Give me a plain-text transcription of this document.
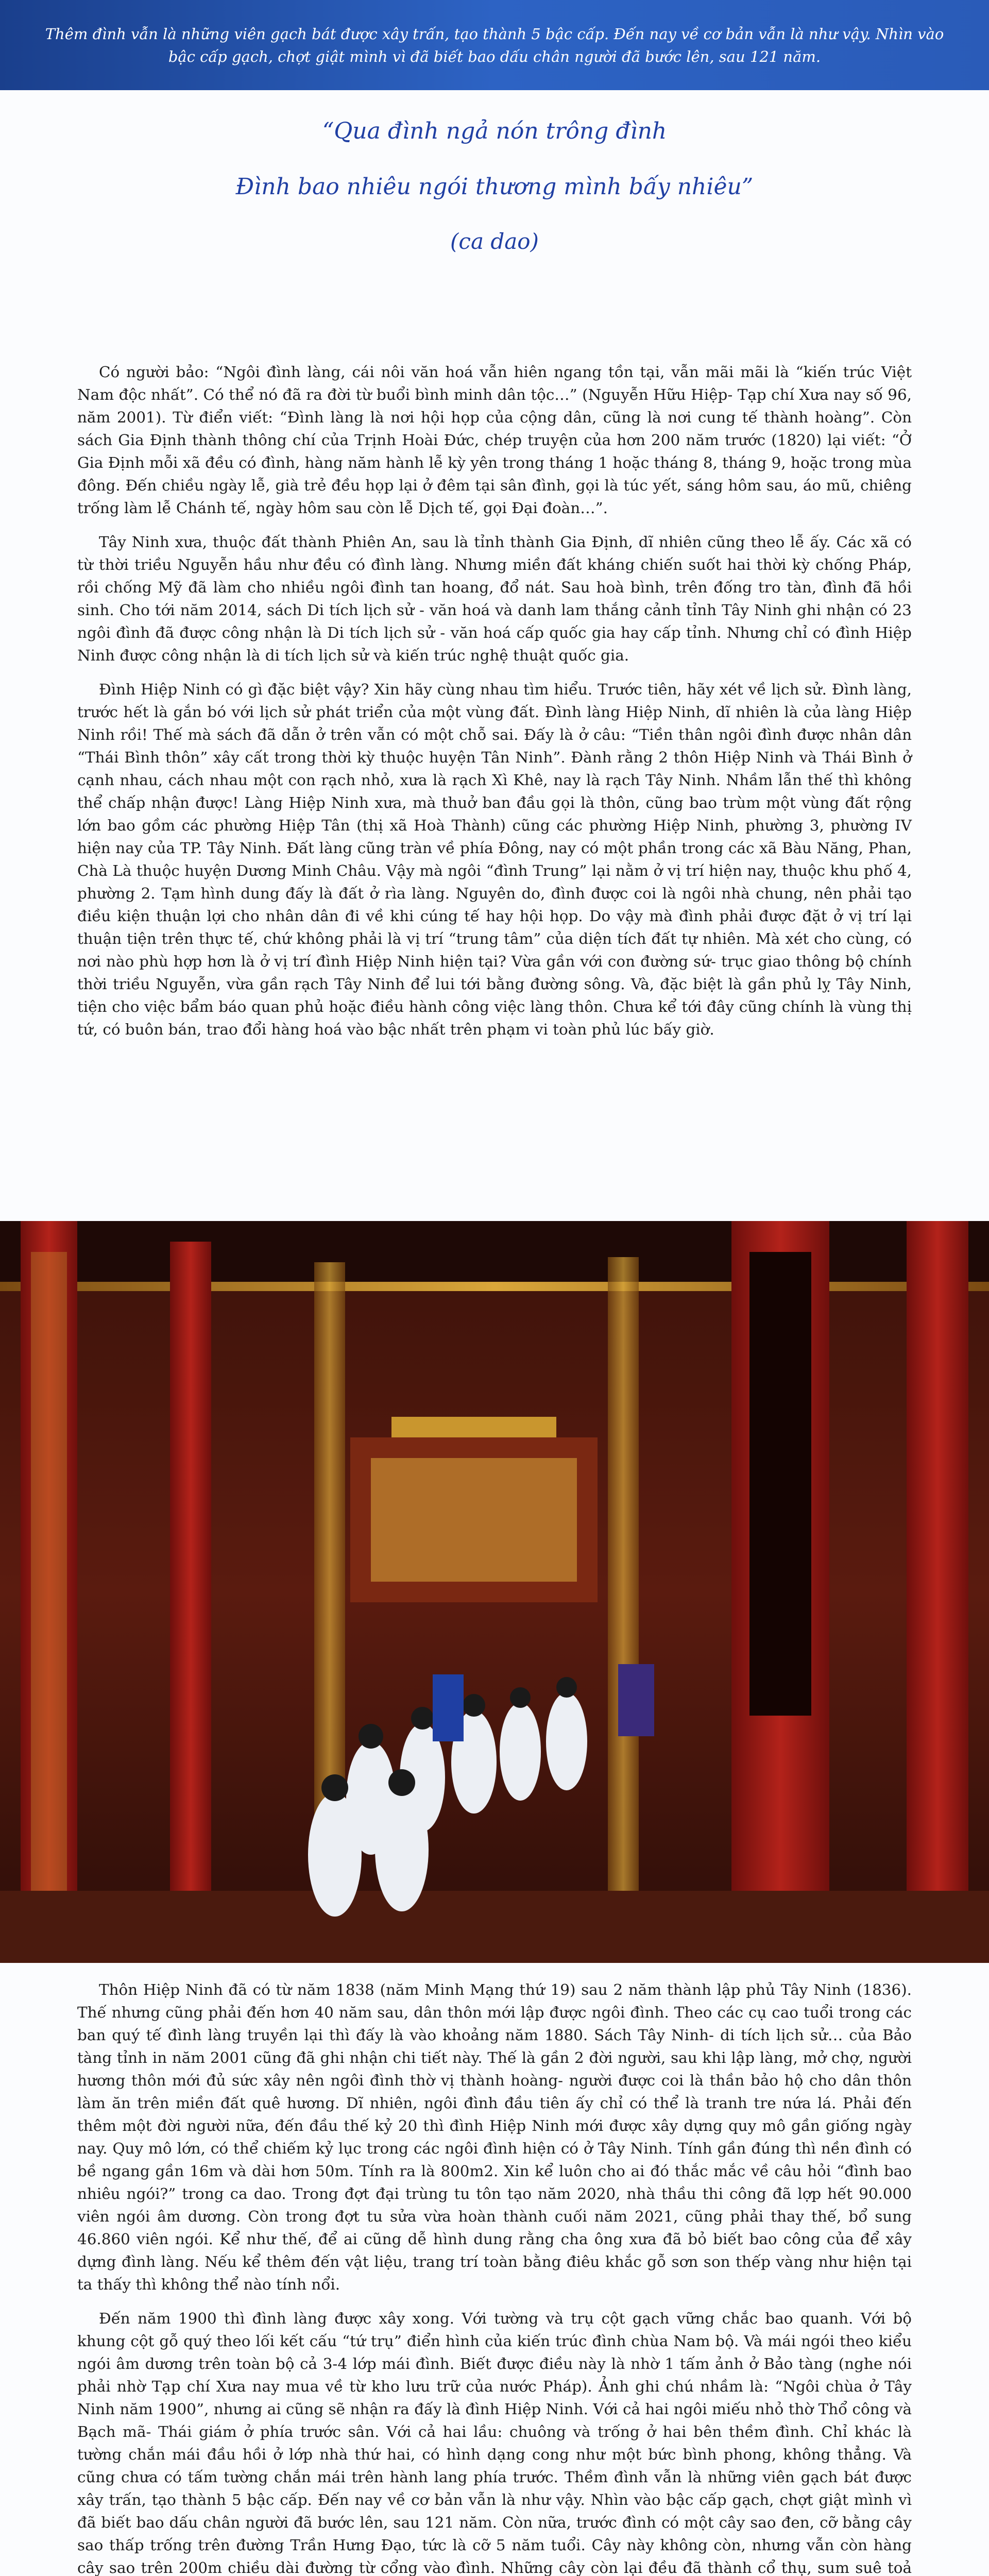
Thêm đình vẫn là những viên gạch bát được xây trấn, tạo thành 5 bậc cấp. Đến nay về cơ bản vẫn là như vậy. Nhìn vào bậc cấp gạch, chợt giật mình vì đã biết bao dấu chân người đã bước lên, sau 121 năm.

“Qua đình ngả nón trông đình
Đình bao nhiêu ngói thương mình bấy nhiêu”
(ca dao)

Có người bảo: “Ngôi đình làng, cái nôi văn hoá vẫn hiên ngang tồn tại, vẫn mãi mãi là “kiến trúc Việt Nam độc nhất”. Có thể nó đã ra đời từ buổi bình minh dân tộc…” (Nguyễn Hữu Hiệp- Tạp chí Xưa nay số 96, năm 2001). Từ điển viết: “Đình làng là nơi hội họp của cộng dân, cũng là nơi cung tế thành hoàng”. Còn sách Gia Định thành thông chí của Trịnh Hoài Đức, chép truyện của hơn 200 năm trước (1820) lại viết: “Ở Gia Định mỗi xã đều có đình, hàng năm hành lễ kỳ yên trong tháng 1 hoặc tháng 8, tháng 9, hoặc trong mùa đông. Đến chiều ngày lễ, già trẻ đều họp lại ở đêm tại sân đình, gọi là túc yết, sáng hôm sau, áo mũ, chiêng trống làm lễ Chánh tế, ngày hôm sau còn lễ Dịch tế, gọi Đại đoàn…”.

Tây Ninh xưa, thuộc đất thành Phiên An, sau là tỉnh thành Gia Định, dĩ nhiên cũng theo lễ ấy. Các xã có từ thời triều Nguyễn hầu như đều có đình làng. Nhưng miền đất kháng chiến suốt hai thời kỳ chống Pháp, rồi chống Mỹ đã làm cho nhiều ngôi đình tan hoang, đổ nát. Sau hoà bình, trên đống tro tàn, đình đã hồi sinh. Cho tới năm 2014, sách Di tích lịch sử - văn hoá và danh lam thắng cảnh tỉnh Tây Ninh ghi nhận có 23 ngôi đình đã được công nhận là Di tích lịch sử - văn hoá cấp quốc gia hay cấp tỉnh. Nhưng chỉ có đình Hiệp Ninh được công nhận là di tích lịch sử và kiến trúc nghệ thuật quốc gia.

Đình Hiệp Ninh có gì đặc biệt vậy? Xin hãy cùng nhau tìm hiểu. Trước tiên, hãy xét về lịch sử. Đình làng, trước hết là gắn bó với lịch sử phát triển của một vùng đất. Đình làng Hiệp Ninh, dĩ nhiên là của làng Hiệp Ninh rồi! Thế mà sách đã dẫn ở trên vẫn có một chỗ sai. Đấy là ở câu: “Tiền thân ngôi đình được nhân dân “Thái Bình thôn” xây cất trong thời kỳ thuộc huyện Tân Ninh”. Đành rằng 2 thôn Hiệp Ninh và Thái Bình ở cạnh nhau, cách nhau một con rạch nhỏ, xưa là rạch Xì Khê, nay là rạch Tây Ninh. Nhầm lẫn thế thì không thể chấp nhận được! Làng Hiệp Ninh xưa, mà thuở ban đầu gọi là thôn, cũng bao trùm một vùng đất rộng lớn bao gồm các phường Hiệp Tân (thị xã Hoà Thành) cũng các phường Hiệp Ninh, phường 3, phường IV hiện nay của TP. Tây Ninh. Đất làng cũng tràn về phía Đông, nay có một phần trong các xã Bàu Năng, Phan, Chà Là thuộc huyện Dương Minh Châu. Vậy mà ngôi “đình Trung” lại nằm ở vị trí hiện nay, thuộc khu phố 4, phường 2. Tạm hình dung đấy là đất ở rìa làng. Nguyên do, đình được coi là ngôi nhà chung, nên phải tạo điều kiện thuận lợi cho nhân dân đi về khi cúng tế hay hội họp. Do vậy mà đình phải được đặt ở vị trí lại thuận tiện trên thực tế, chứ không phải là vị trí “trung tâm” của diện tích đất tự nhiên. Mà xét cho cùng, có nơi nào phù hợp hơn là ở vị trí đình Hiệp Ninh hiện tại? Vừa gần với con đường sứ- trục giao thông bộ chính thời triều Nguyễn, vừa gần rạch Tây Ninh để lui tới bằng đường sông. Và, đặc biệt là gần phủ lỵ Tây Ninh, tiện cho việc bẩm báo quan phủ hoặc điều hành công việc làng thôn. Chưa kể tới đây cũng chính là vùng thị tứ, có buôn bán, trao đổi hàng hoá vào bậc nhất trên phạm vi toàn phủ lúc bấy giờ.

Thôn Hiệp Ninh đã có từ năm 1838 (năm Minh Mạng thứ 19) sau 2 năm thành lập phủ Tây Ninh (1836). Thế nhưng cũng phải đến hơn 40 năm sau, dân thôn mới lập được ngôi đình. Theo các cụ cao tuổi trong các ban quý tế đình làng truyền lại thì đấy là vào khoảng năm 1880. Sách Tây Ninh- di tích lịch sử… của Bảo tàng tỉnh in năm 2001 cũng đã ghi nhận chi tiết này. Thế là gần 2 đời người, sau khi lập làng, mở chợ, người hương thôn mới đủ sức xây nên ngôi đình thờ vị thành hoàng- người được coi là thần bảo hộ cho dân thôn làm ăn trên miền đất quê hương. Dĩ nhiên, ngôi đình đầu tiên ấy chỉ có thể là tranh tre nứa lá. Phải đến thêm một đời người nữa, đến đầu thế kỷ 20 thì đình Hiệp Ninh mới được xây dựng quy mô gần giống ngày nay. Quy mô lớn, có thể chiếm kỷ lục trong các ngôi đình hiện có ở Tây Ninh. Tính gần đúng thì nền đình có bề ngang gần 16m và dài hơn 50m. Tính ra là 800m2. Xin kể luôn cho ai đó thắc mắc về câu hỏi “đình bao nhiêu ngói?” trong ca dao. Trong đợt đại trùng tu tôn tạo năm 2020, nhà thầu thi công đã lợp hết 90.000 viên ngói âm dương. Còn trong đợt tu sửa vừa hoàn thành cuối năm 2021, cũng phải thay thế, bổ sung 46.860 viên ngói. Kể như thế, để ai cũng dễ hình dung rằng cha ông xưa đã bỏ biết bao công của để xây dựng đình làng. Nếu kể thêm đến vật liệu, trang trí toàn bằng điêu khắc gỗ sơn son thếp vàng như hiện tại ta thấy thì không thể nào tính nổi.

Đến năm 1900 thì đình làng được xây xong. Với tường và trụ cột gạch vững chắc bao quanh. Với bộ khung cột gỗ quý theo lối kết cấu “tứ trụ” điển hình của kiến trúc đình chùa Nam bộ. Và mái ngói theo kiểu ngói âm dương trên toàn bộ cả 3-4 lớp mái đình. Biết được điều này là nhờ 1 tấm ảnh ở Bảo tàng (nghe nói phải nhờ Tạp chí Xưa nay mua về từ kho lưu trữ của nước Pháp). Ảnh ghi chú nhầm là: “Ngôi chùa ở Tây Ninh năm 1900”, nhưng ai cũng sẽ nhận ra đấy là đình Hiệp Ninh. Với cả hai ngôi miếu nhỏ thờ Thổ công và Bạch mã- Thái giám ở phía trước sân. Với cả hai lầu: chuông và trống ở hai bên thềm đình. Chỉ khác là tường chắn mái đầu hồi ở lớp nhà thứ hai, có hình dạng cong như một bức bình phong, không thẳng. Và cũng chưa có tấm tường chắn mái trên hành lang phía trước. Thềm đình vẫn là những viên gạch bát được xây trấn, tạo thành 5 bậc cấp. Đến nay về cơ bản vẫn là như vậy. Nhìn vào bậc cấp gạch, chợt giật mình vì đã biết bao dấu chân người đã bước lên, sau 121 năm. Còn nữa, trước đình có một cây sao đen, cỡ bằng cây sao thấp trống trên đường Trần Hưng Đạo, tức là cỡ 5 năm tuổi. Cây này không còn, nhưng vẫn còn hàng cây sao trên 200m chiều dài đường từ cổng vào đình. Những cây còn lại đều đã thành cổ thụ, sum suê toả
